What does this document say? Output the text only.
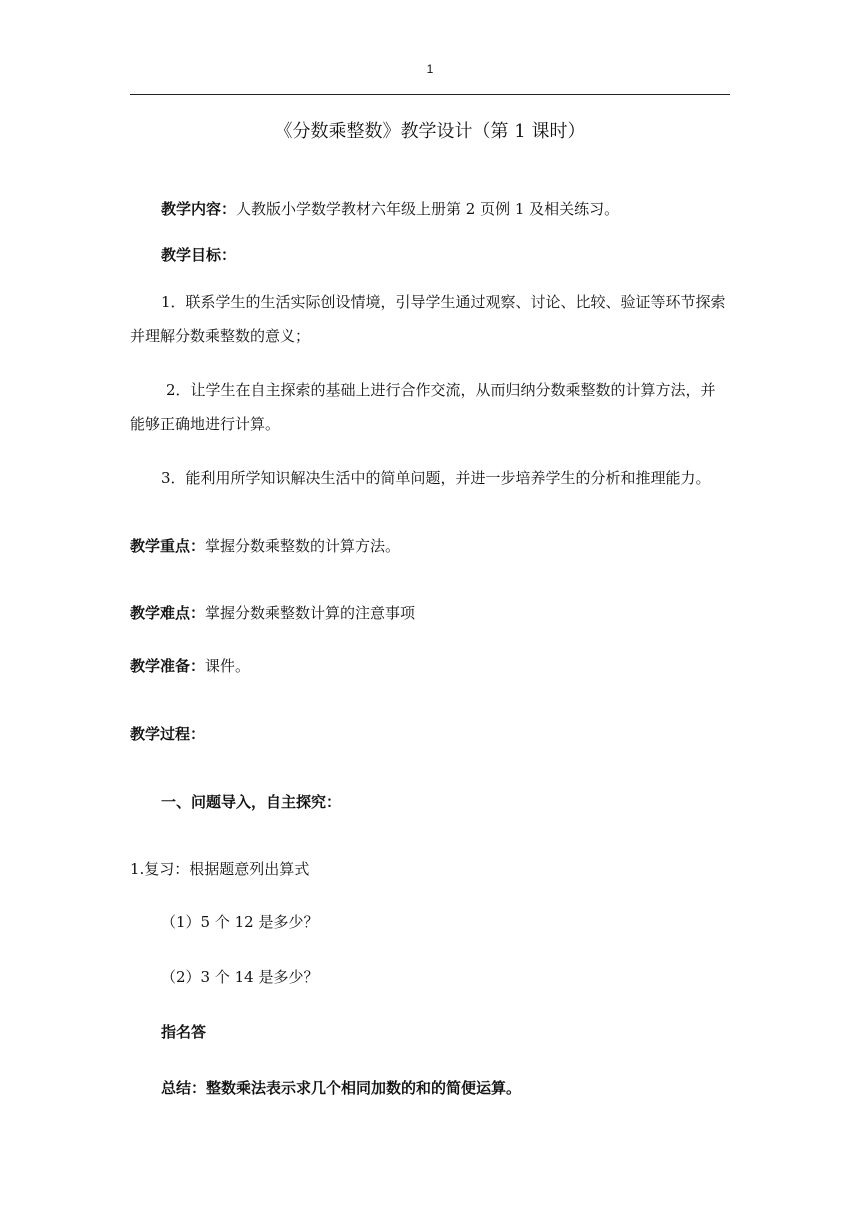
1
《分数乘整数》教学设计（第 1 课时）
教学内容：人教版小学数学教材六年级上册第 2 页例 1 及相关练习。
教学目标：
1．联系学生的生活实际创设情境，引导学生通过观察、讨论、比较、验证等环节探索并理解分数乘整数的意义；
2．让学生在自主探索的基础上进行合作交流，从而归纳分数乘整数的计算方法，并能够正确地进行计算。
3．能利用所学知识解决生活中的简单问题，并进一步培养学生的分析和推理能力。
教学重点：掌握分数乘整数的计算方法。
教学难点：掌握分数乘整数计算的注意事项
教学准备：课件。
教学过程：
一、问题导入，自主探究：
1.复习：根据题意列出算式
（1）5 个 12 是多少？
（2）3 个 14 是多少？
指名答
总结：整数乘法表示求几个相同加数的和的简便运算。
